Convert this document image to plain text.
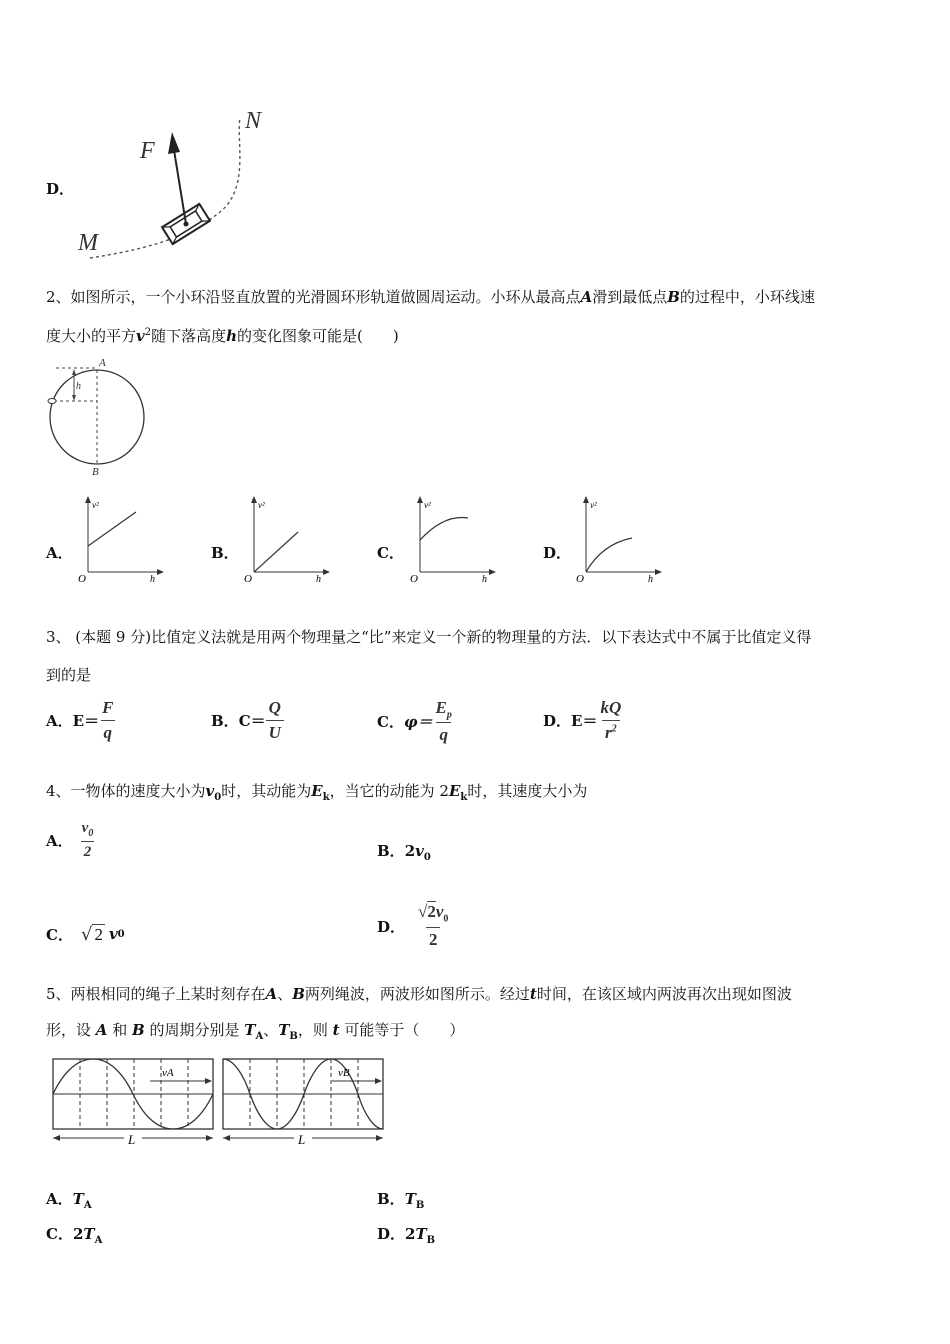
D．
F
N
M
2、如图所示，一个小环沿竖直放置的光滑圆环形轨道做圆周运动。小环从最高点A滑到最低点B的过程中，小环线速
度大小的平方$v^2$随下落高度h的变化图象可能是(　　)
A
h
B
A．
v²
O	h
B．
v²
O	h
C．
v²
O	h
D．
v²
O	h
3、 (本题 9 分)比值定义法就是用两个物理量之“比”来定义一个新的物理量的方法．以下表达式中不属于比值定义得
到的是
A． $E= \frac{F}{q}$	B． $C= \frac{Q}{U}$	C． $\varphi= \frac{E_p}{q}$	D． $E= \frac{kQ}{r^2}$
4、一物体的速度大小为$v_0$时，其动能为$E_k$，当它的动能为 $2E_k$时，其速度大小为
A． $\frac{v_0}{2}$	B．$2v_0$
C． √ 2 v 0	D． $\frac{√2v_0}{2}$
5、两根相同的绳子上某时刻存在A、B两列绳波，两波形如图所示。经过t时间，在该区域内两波再次出现如图波
形，设 A 和 B 的周期分别是 $T_A$、$T_B$，则 t 可能等于（　　）
vA
L
vB
L
A．$T_A$	B．$T_B$
C．$2T_A$	D．$2T_B$
